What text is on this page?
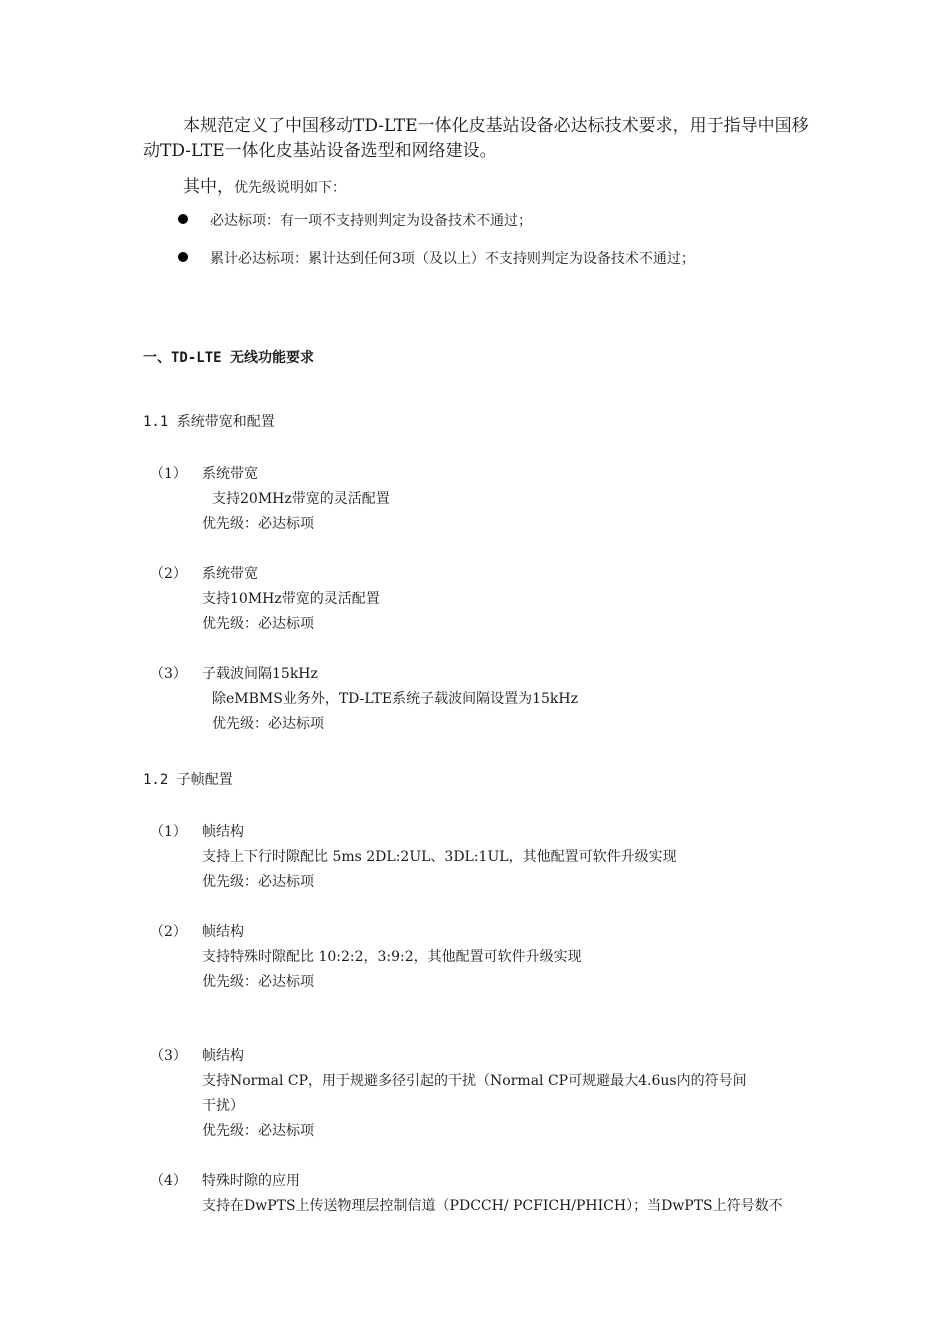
本规范定义了中国移动TD-LTE一体化皮基站设备必达标技术要求，用于指导中国移动TD-LTE一体化皮基站设备选型和网络建设。
其中，优先级说明如下：
必达标项：有一项不支持则判定为设备技术不通过；
累计必达标项：累计达到任何3项（及以上）不支持则判定为设备技术不通过；
一、TD-LTE 无线功能要求
1.1 系统带宽和配置
（1） 系统带宽
支持20MHz带宽的灵活配置
优先级：必达标项
（2） 系统带宽
支持10MHz带宽的灵活配置
优先级：必达标项
（3） 子载波间隔15kHz
除eMBMS业务外，TD-LTE系统子载波间隔设置为15kHz
优先级：必达标项
1.2 子帧配置
（1） 帧结构
支持上下行时隙配比 5ms 2DL:2UL、3DL:1UL，其他配置可软件升级实现
优先级：必达标项
（2） 帧结构
支持特殊时隙配比 10:2:2，3:9:2，其他配置可软件升级实现
优先级：必达标项
（3） 帧结构
支持Normal CP，用于规避多径引起的干扰（Normal CP可规避最大4.6us内的符号间
干扰）
优先级：必达标项
（4） 特殊时隙的应用
支持在DwPTS上传送物理层控制信道（PDCCH/ PCFICH/PHICH）；当DwPTS上符号数不
